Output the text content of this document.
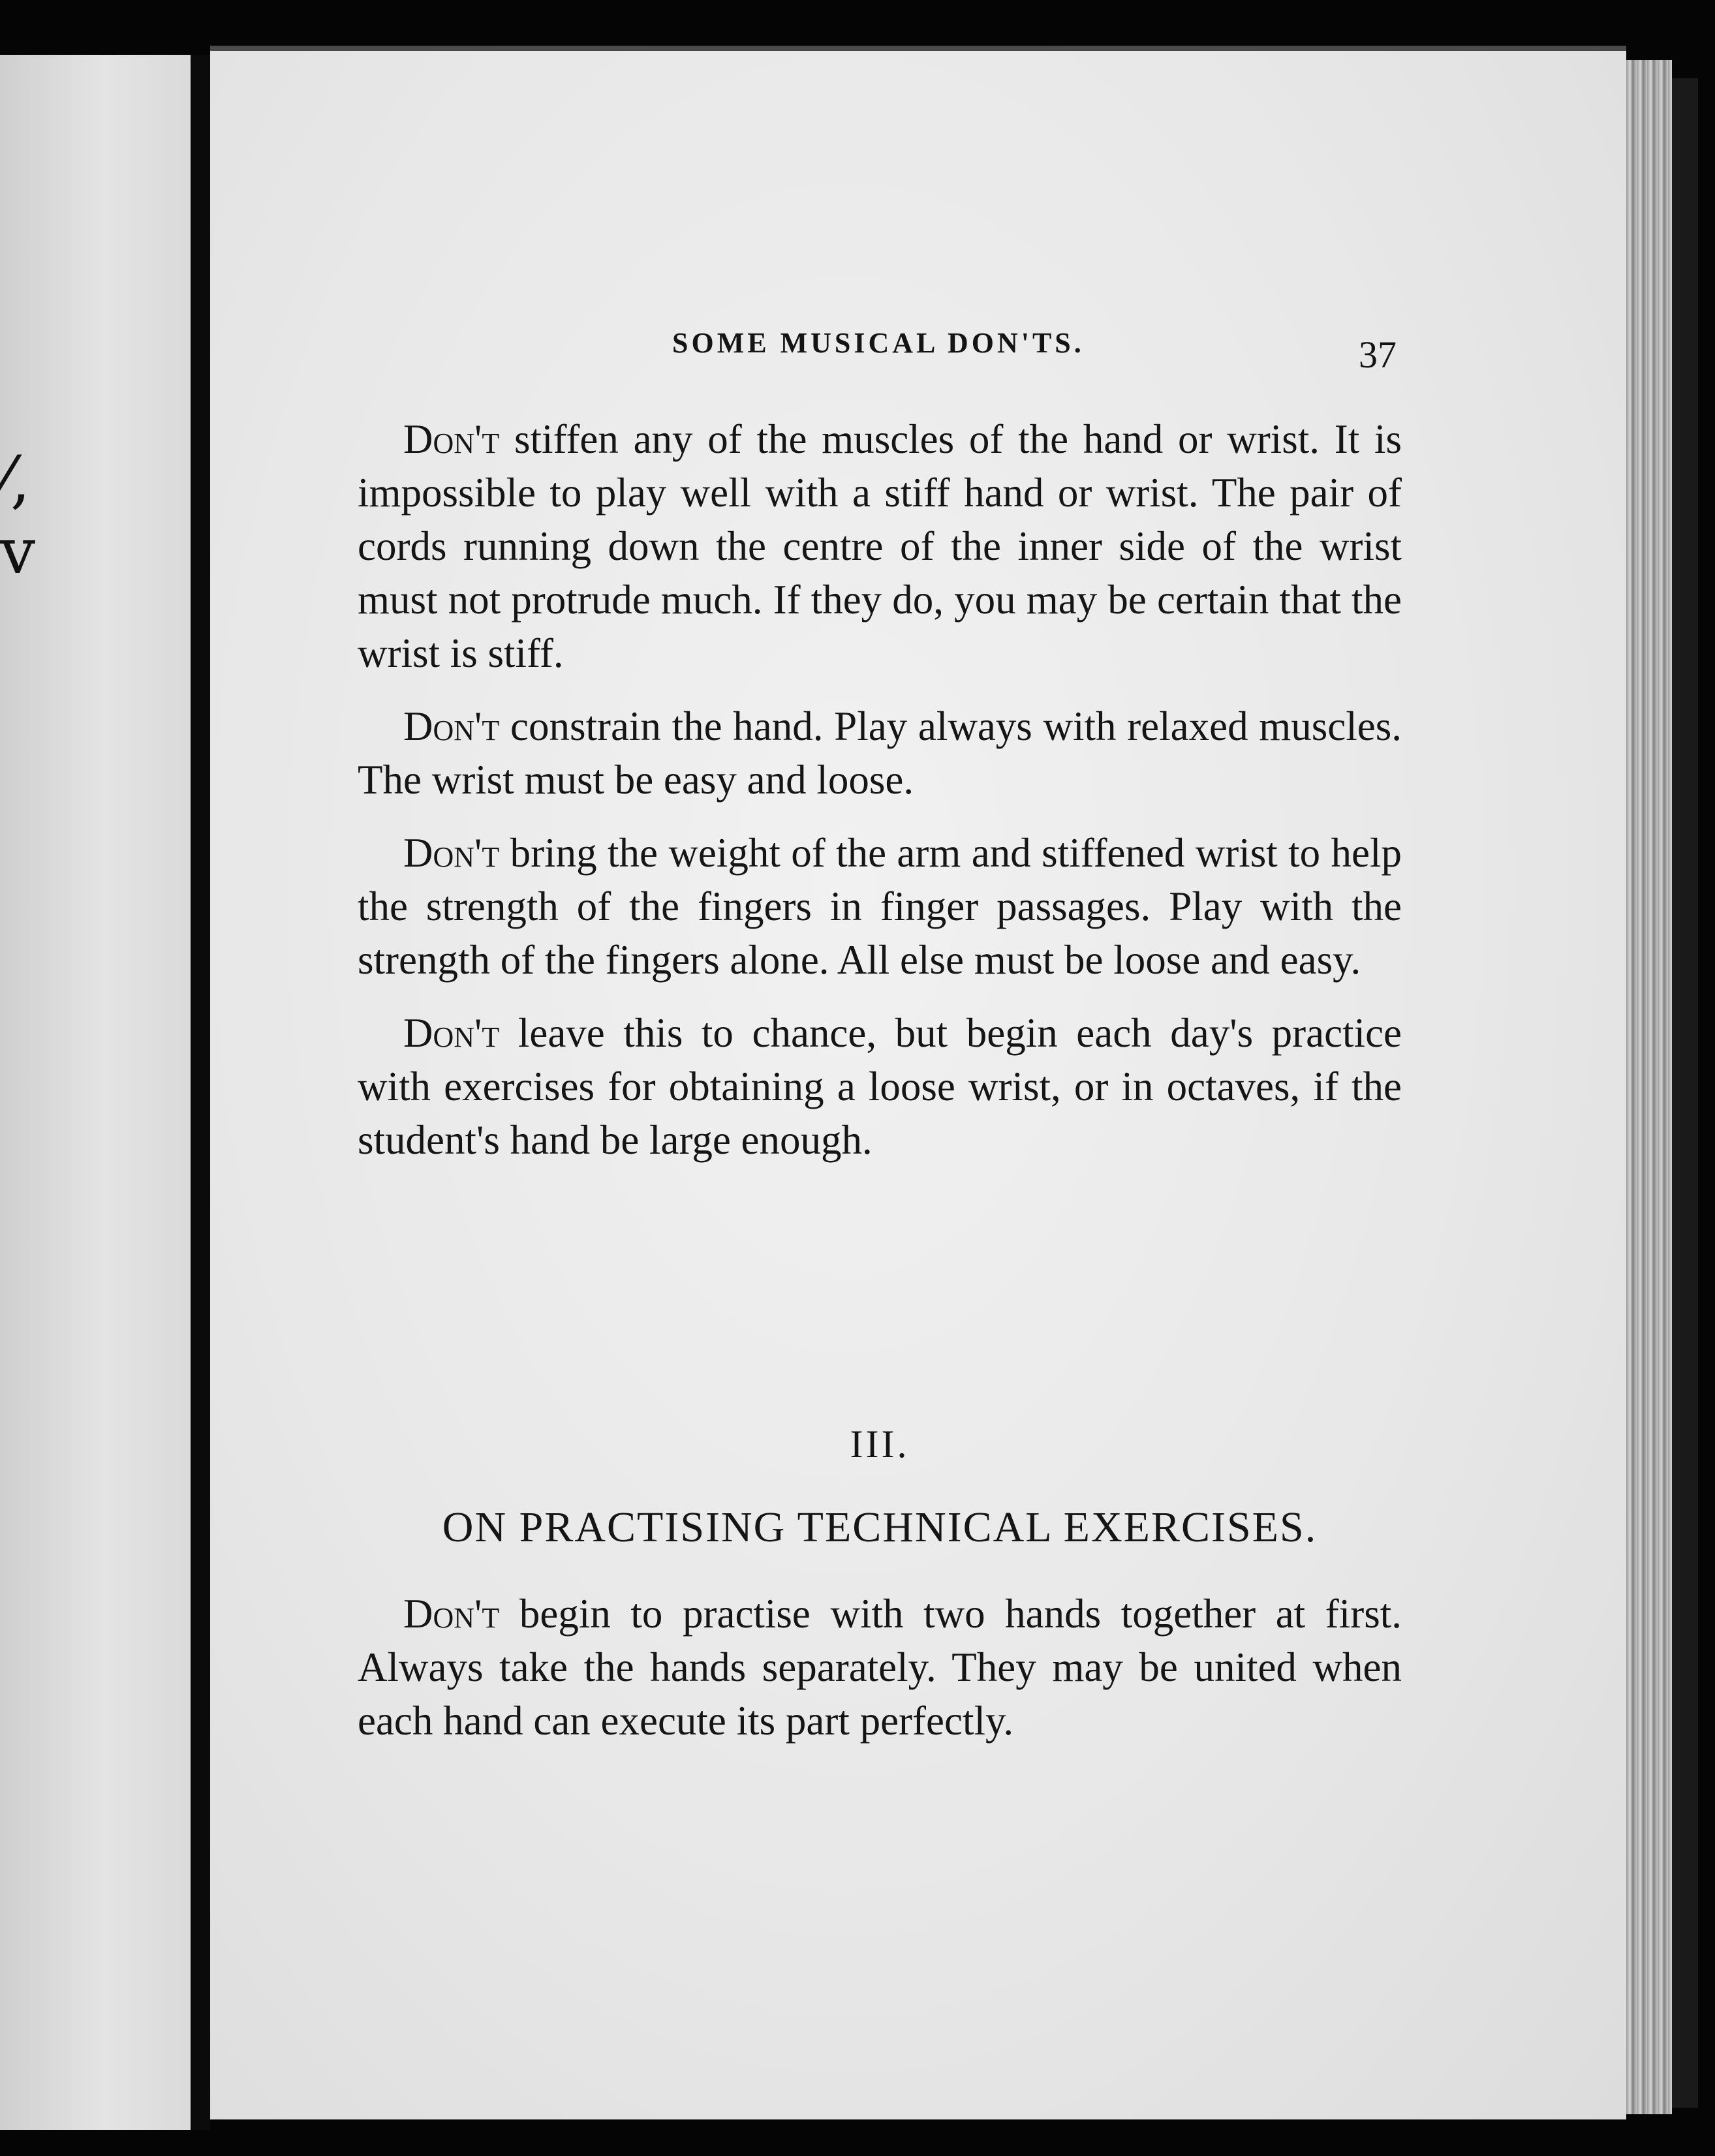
⁄,
v
SOME MUSICAL DON'TS.	37

Don't stiffen any of the muscles of the hand or wrist. It is impossible to play well with a stiff hand or wrist. The pair of cords running down the centre of the inner side of the wrist must not protrude much. If they do, you may be certain that the wrist is stiff.

Don't constrain the hand. Play always with relaxed muscles. The wrist must be easy and loose.

Don't bring the weight of the arm and stiffened wrist to help the strength of the fingers in finger passages. Play with the strength of the fingers alone. All else must be loose and easy.

Don't leave this to chance, but begin each day's practice with exercises for obtaining a loose wrist, or in octaves, if the student's hand be large enough.

III.
ON PRACTISING TECHNICAL EXERCISES.

Don't begin to practise with two hands together at first. Always take the hands separately. They may be united when each hand can execute its part perfectly.
